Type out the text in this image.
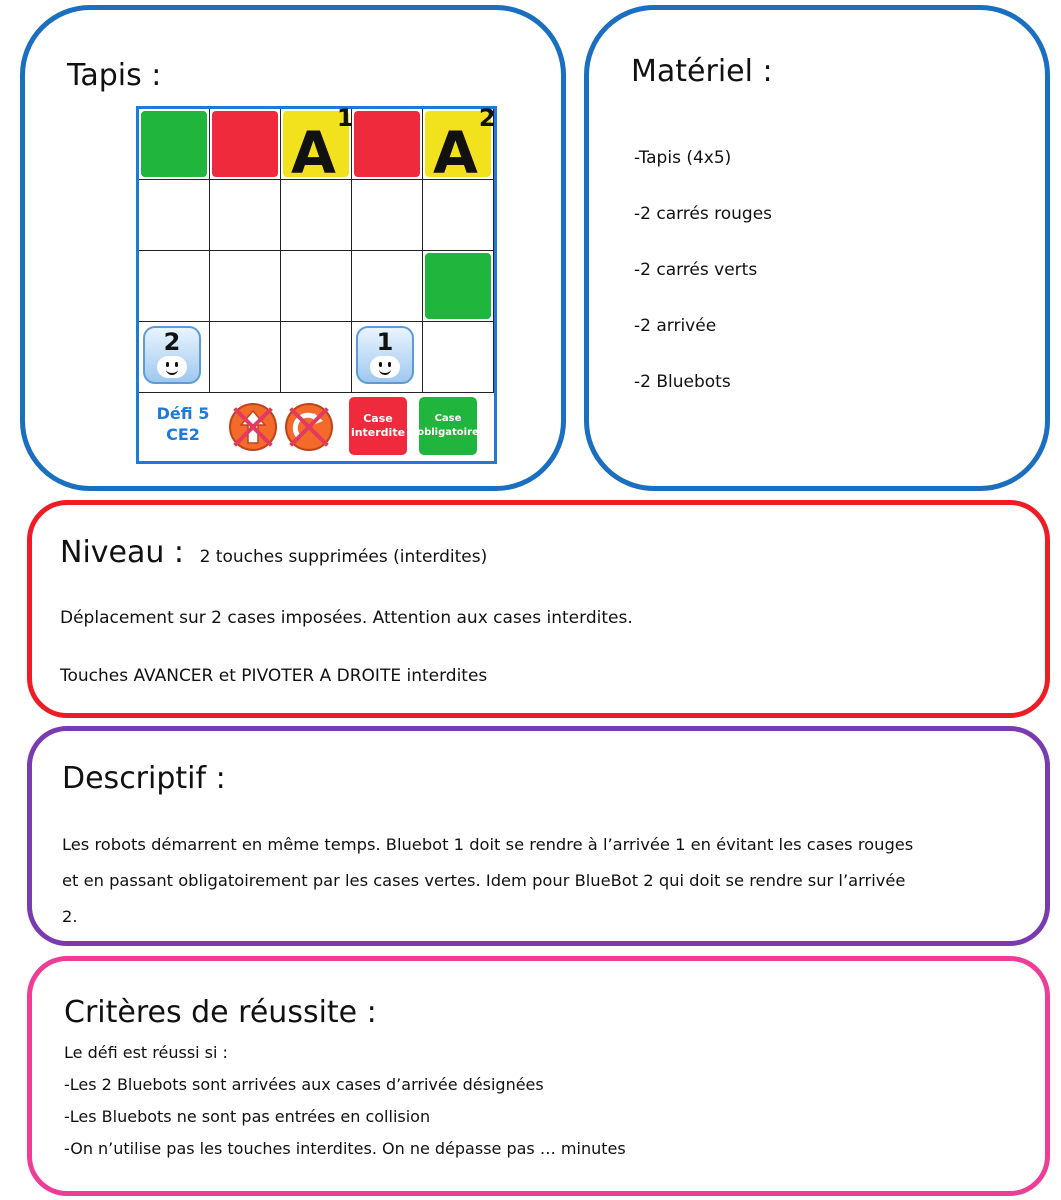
Tapis :
$A^1$
$A^2$
2	1
Défi 5
CE2
Case
interdite
Case
obligatoire
Matériel :
-Tapis (4x5)
-2 carrés rouges
-2 carrés verts
-2 arrivée
-2 Bluebots
Niveau : 2 touches supprimées (interdites)
Déplacement sur 2 cases imposées. Attention aux cases interdites.
Touches AVANCER et PIVOTER A DROITE interdites
Descriptif :
Les robots démarrent en même temps. Bluebot 1 doit se rendre à l’arrivée 1 en évitant les cases rouges
et en passant obligatoirement par les cases vertes. Idem pour BlueBot 2 qui doit se rendre sur l’arrivée
2.
Critères de réussite :
Le défi est réussi si :
-Les 2 Bluebots sont arrivées aux cases d’arrivée désignées
-Les Bluebots ne sont pas entrées en collision
-On n’utilise pas les touches interdites. On ne dépasse pas … minutes
